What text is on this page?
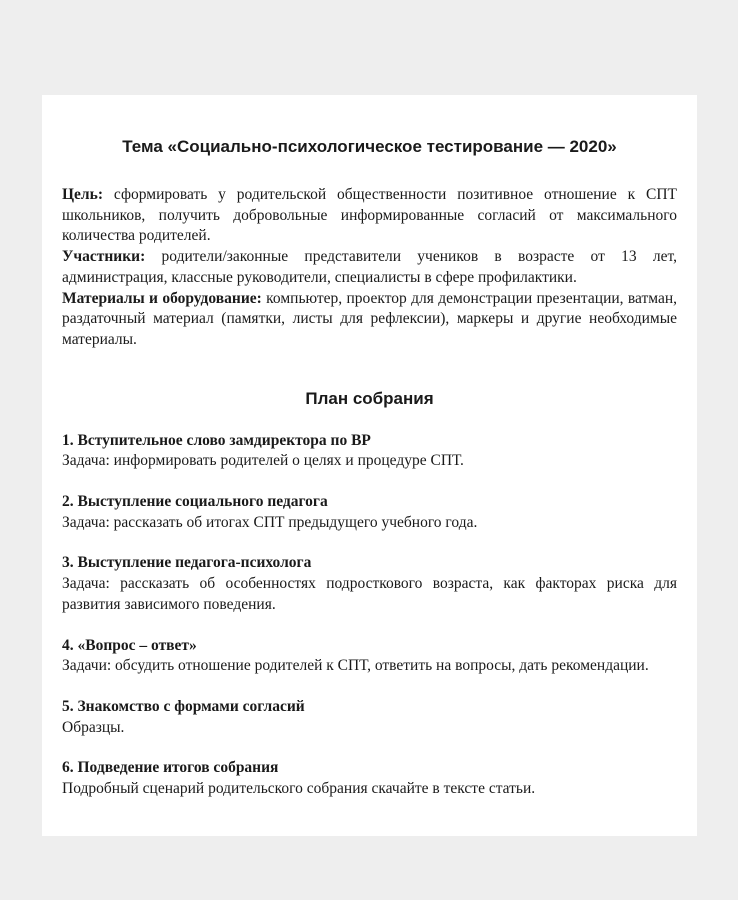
Тема «Социально-психологическое тестирование — 2020»

Цель: сформировать у родительской общественности позитивное отношение к СПТ школьников, получить добровольные информированные согласий от максимального количества родителей.

Участники: родители/законные представители учеников в возрасте от 13 лет, администрация, классные руководители, специалисты в сфере профилактики.

Материалы и оборудование: компьютер, проектор для демонстрации презентации, ватман, раздаточный материал (памятки, листы для рефлексии), маркеры и другие необходимые материалы.

План собрания

1. Вступительное слово замдиректора по ВР

Задача: информировать родителей о целях и процедуре СПТ.

2. Выступление социального педагога

Задача: рассказать об итогах СПТ предыдущего учебного года.

3. Выступление педагога-психолога

Задача: рассказать об особенностях подросткового возраста, как факторах риска для развития зависимого поведения.

4. «Вопрос – ответ»

Задачи: обсудить отношение родителей к СПТ, ответить на вопросы, дать рекомендации.

5. Знакомство с формами согласий

Образцы.

6. Подведение итогов собрания

Подробный сценарий родительского собрания скачайте в тексте статьи.
